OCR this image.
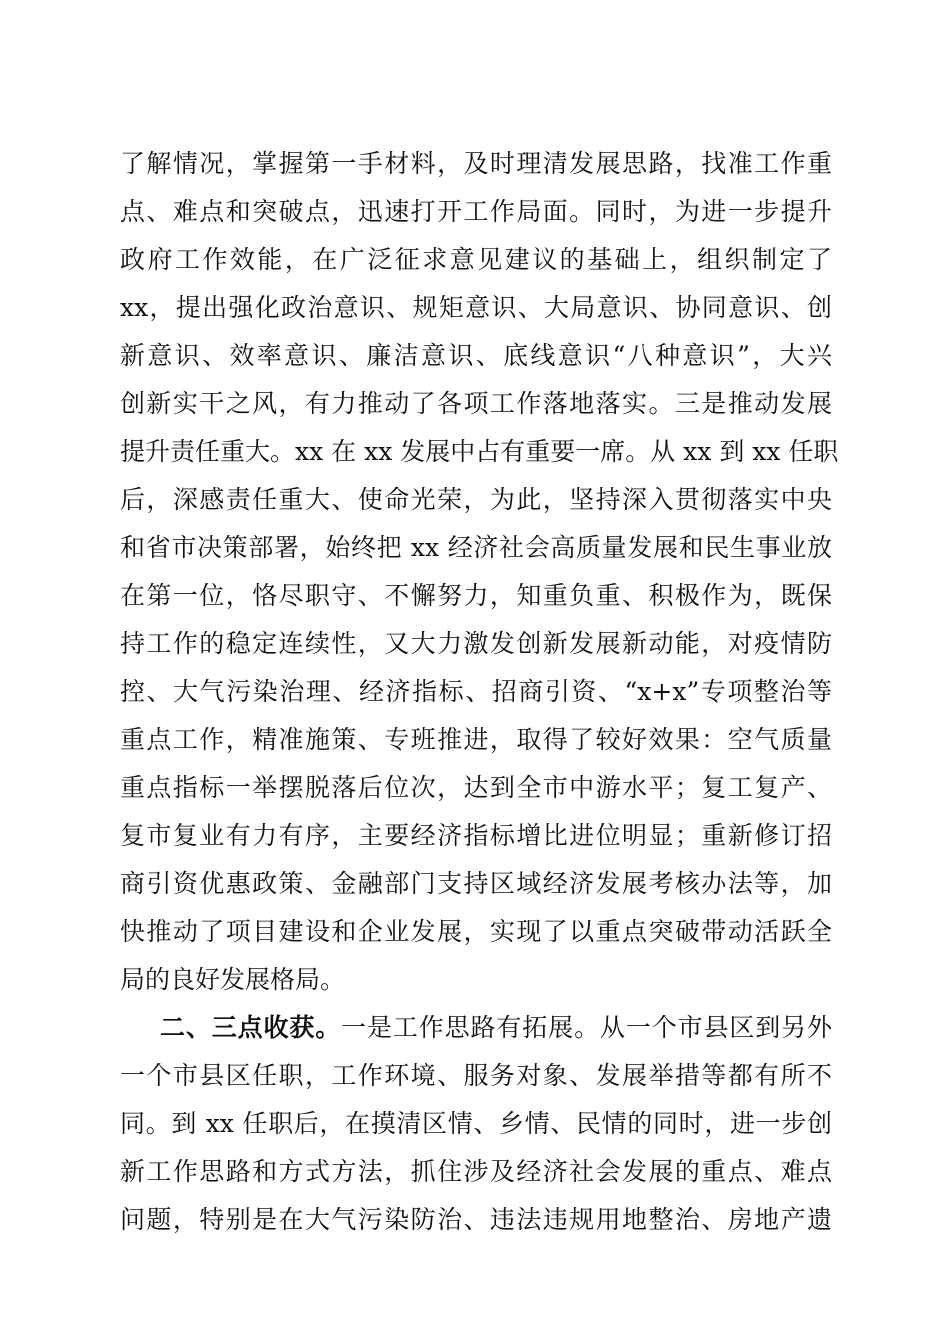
了解情况，掌握第一手材料，及时理清发展思路，找准工作重
点、难点和突破点，迅速打开工作局面。同时，为进一步提升
政府工作效能，在广泛征求意见建议的基础上，组织制定了
xx，提出强化政治意识、规矩意识、大局意识、协同意识、创
新意识、效率意识、廉洁意识、底线意识“八种意识”，大兴
创新实干之风，有力推动了各项工作落地落实。三是推动发展
提升责任重大。xx 在 xx 发展中占有重要一席。从 xx 到 xx 任职
后，深感责任重大、使命光荣，为此，坚持深入贯彻落实中央
和省市决策部署，始终把 xx 经济社会高质量发展和民生事业放
在第一位，恪尽职守、不懈努力，知重负重、积极作为，既保
持工作的稳定连续性，又大力激发创新发展新动能，对疫情防
控、大气污染治理、经济指标、招商引资、“x+x”专项整治等
重点工作，精准施策、专班推进，取得了较好效果：空气质量
重点指标一举摆脱落后位次，达到全市中游水平；复工复产、
复市复业有力有序，主要经济指标增比进位明显；重新修订招
商引资优惠政策、金融部门支持区域经济发展考核办法等，加
快推动了项目建设和企业发展，实现了以重点突破带动活跃全
局的良好发展格局。
二、三点收获。一是工作思路有拓展。从一个市县区到另外
一个市县区任职，工作环境、服务对象、发展举措等都有所不
同。到 xx 任职后，在摸清区情、乡情、民情的同时，进一步创
新工作思路和方式方法，抓住涉及经济社会发展的重点、难点
问题，特别是在大气污染防治、违法违规用地整治、房地产遗
